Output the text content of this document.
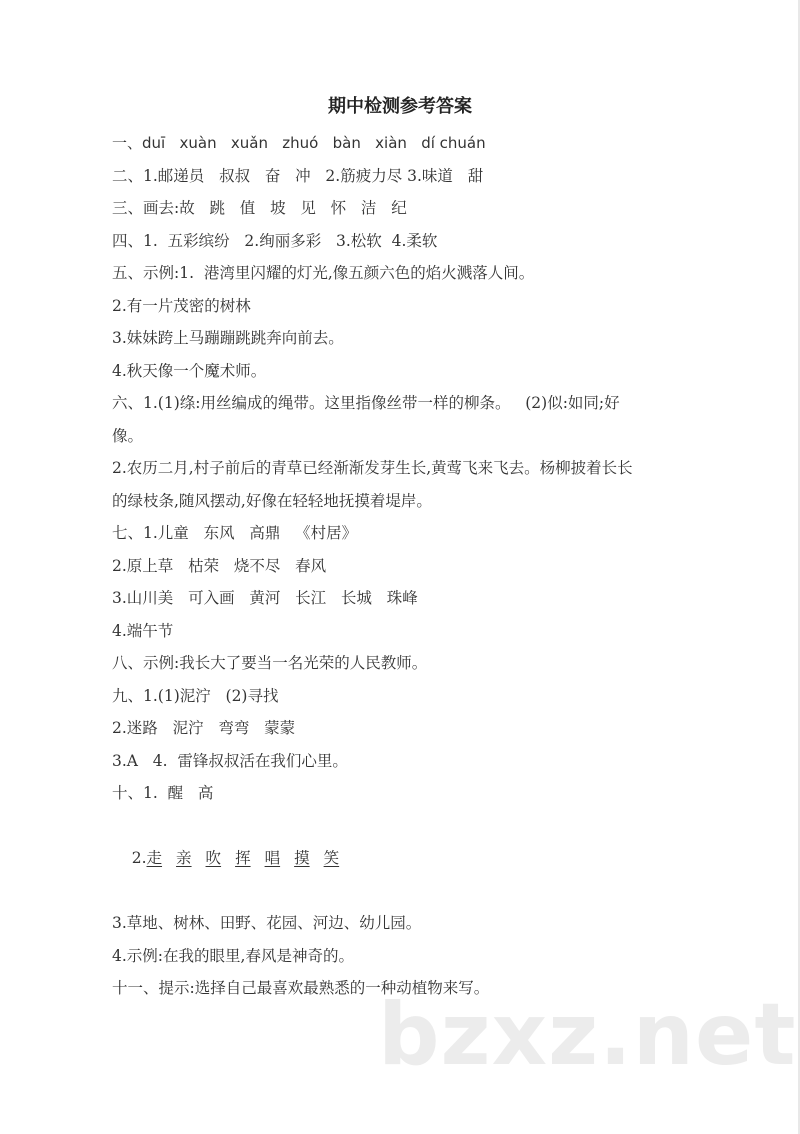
期中检测参考答案
一、duī   xuàn   xuǎn   zhuó   bàn   xiàn   dí chuán
二、1.邮递员   叔叔   奋   冲   2.筋疲力尽 3.味道   甜
三、画去:故   跳   值   坡   见   怀   洁   纪
四、1.  五彩缤纷   2.绚丽多彩   3.松软  4.柔软
五、示例:1.  港湾里闪耀的灯光,像五颜六色的焰火溅落人间。
2.有一片茂密的树林
3.妹妹跨上马蹦蹦跳跳奔向前去。
4.秋天像一个魔术师。
六、1.(1)绦:用丝编成的绳带。这里指像丝带一样的柳条。   (2)似:如同;好
像。
2.农历二月,村子前后的青草已经渐渐发芽生长,黄莺飞来飞去。杨柳披着长长
的绿枝条,随风摆动,好像在轻轻地抚摸着堤岸。
七、1.儿童   东风   高鼎   《村居》
2.原上草   枯荣   烧不尽   春风
3.山川美   可入画   黄河   长江   长城   珠峰
4.端午节
八、示例:我长大了要当一名光荣的人民教师。
九、1.(1)泥泞   (2)寻找
2.迷路   泥泞   弯弯   蒙蒙
3.A   4.  雷锋叔叔活在我们心里。
十、1.  醒   高

2.走 亲 吹 挥 唱 摸 笑

3.草地、树林、田野、花园、河边、幼儿园。
4.示例:在我的眼里,春风是神奇的。
十一、提示:选择自己最喜欢最熟悉的一种动植物来写。
bzxz.net
